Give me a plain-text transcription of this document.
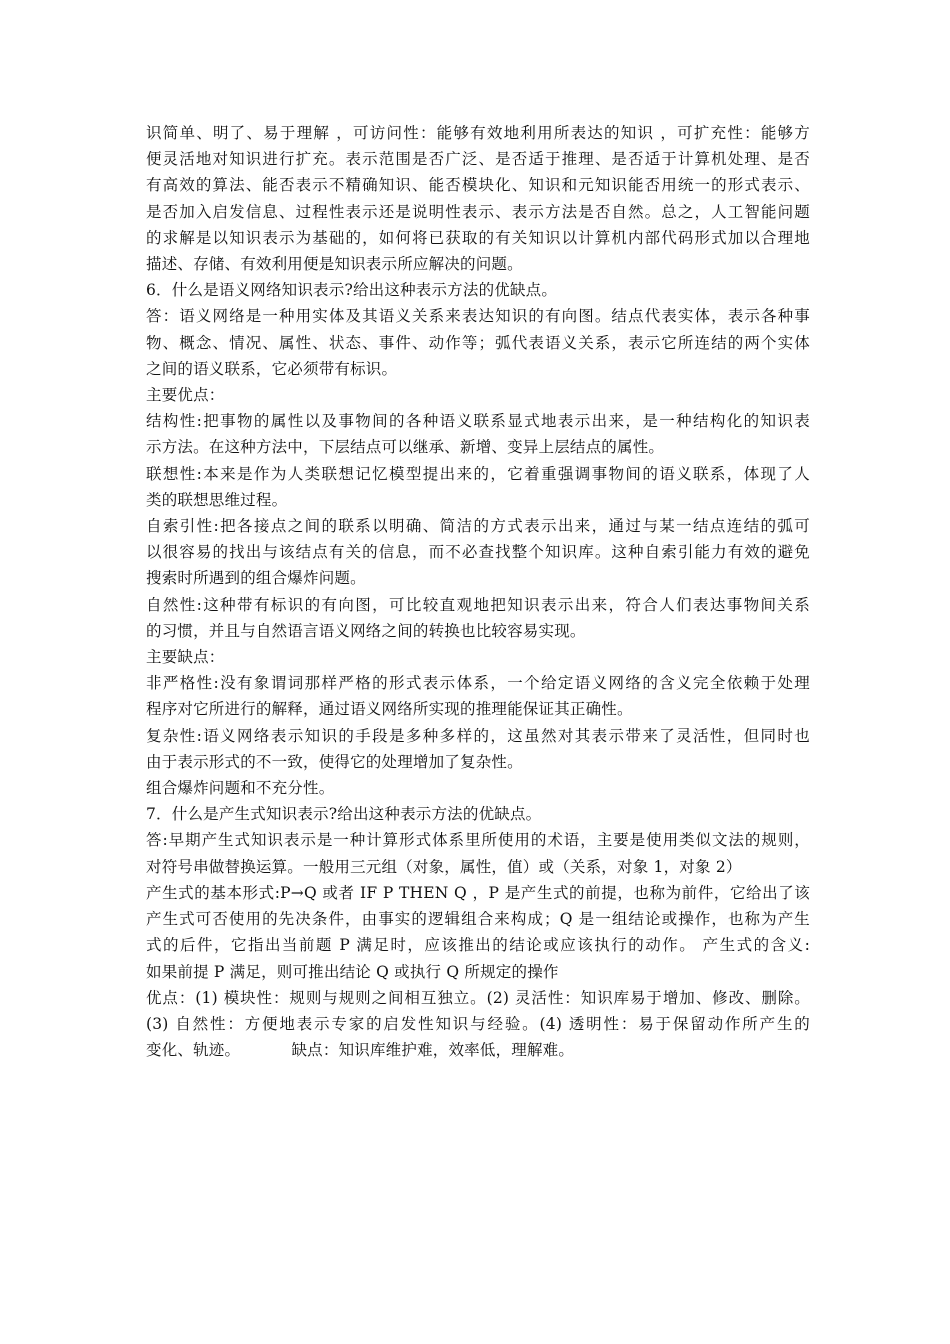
识简单、明了、易于理解 ，可访问性：能够有效地利用所表达的知识 ，可扩充性：能够方
便灵活地对知识进行扩充。表示范围是否广泛、是否适于推理、是否适于计算机处理、是否
有高效的算法、能否表示不精确知识、能否模块化、知识和元知识能否用统一的形式表示、
是否加入启发信息、过程性表示还是说明性表示、表示方法是否自然。总之，人工智能问题
的求解是以知识表示为基础的，如何将已获取的有关知识以计算机内部代码形式加以合理地
描述、存储、有效利用便是知识表示所应解决的问题。
6．什么是语义网络知识表示?给出这种表示方法的优缺点。
答：语义网络是一种用实体及其语义关系来表达知识的有向图。结点代表实体，表示各种事
物、概念、情况、属性、状态、事件、动作等；弧代表语义关系，表示它所连结的两个实体
之间的语义联系，它必须带有标识。
主要优点：
结构性:把事物的属性以及事物间的各种语义联系显式地表示出来，是一种结构化的知识表
示方法。在这种方法中，下层结点可以继承、新增、变异上层结点的属性。
联想性:本来是作为人类联想记忆模型提出来的，它着重强调事物间的语义联系，体现了人
类的联想思维过程。
自索引性:把各接点之间的联系以明确、简洁的方式表示出来，通过与某一结点连结的弧可
以很容易的找出与该结点有关的信息，而不必查找整个知识库。这种自索引能力有效的避免
搜索时所遇到的组合爆炸问题。
自然性:这种带有标识的有向图，可比较直观地把知识表示出来，符合人们表达事物间关系
的习惯，并且与自然语言语义网络之间的转换也比较容易实现。
主要缺点：
非严格性:没有象谓词那样严格的形式表示体系，一个给定语义网络的含义完全依赖于处理
程序对它所进行的解释，通过语义网络所实现的推理能保证其正确性。
复杂性:语义网络表示知识的手段是多种多样的，这虽然对其表示带来了灵活性，但同时也
由于表示形式的不一致，使得它的处理增加了复杂性。
组合爆炸问题和不充分性。
7．什么是产生式知识表示?给出这种表示方法的优缺点。
答:早期产生式知识表示是一种计算形式体系里所使用的术语，主要是使用类似文法的规则，
对符号串做替换运算。一般用三元组（对象，属性，值）或（关系，对象 1，对象 2）
产生式的基本形式:P→Q 或者 IF P THEN Q ，P 是产生式的前提，也称为前件，它给出了该
产生式可否使用的先决条件，由事实的逻辑组合来构成；Q 是一组结论或操作，也称为产生
式的后件，它指出当前题 P 满足时，应该推出的结论或应该执行的动作。 产生式的含义:
如果前提 P 满足，则可推出结论 Q 或执行 Q 所规定的操作
优点：(1) 模块性：规则与规则之间相互独立。(2) 灵活性：知识库易于增加、修改、删除。
(3) 自然性：方便地表示专家的启发性知识与经验。(4) 透明性：易于保留动作所产生的
变化、轨迹。          缺点：知识库维护难，效率低，理解难。
